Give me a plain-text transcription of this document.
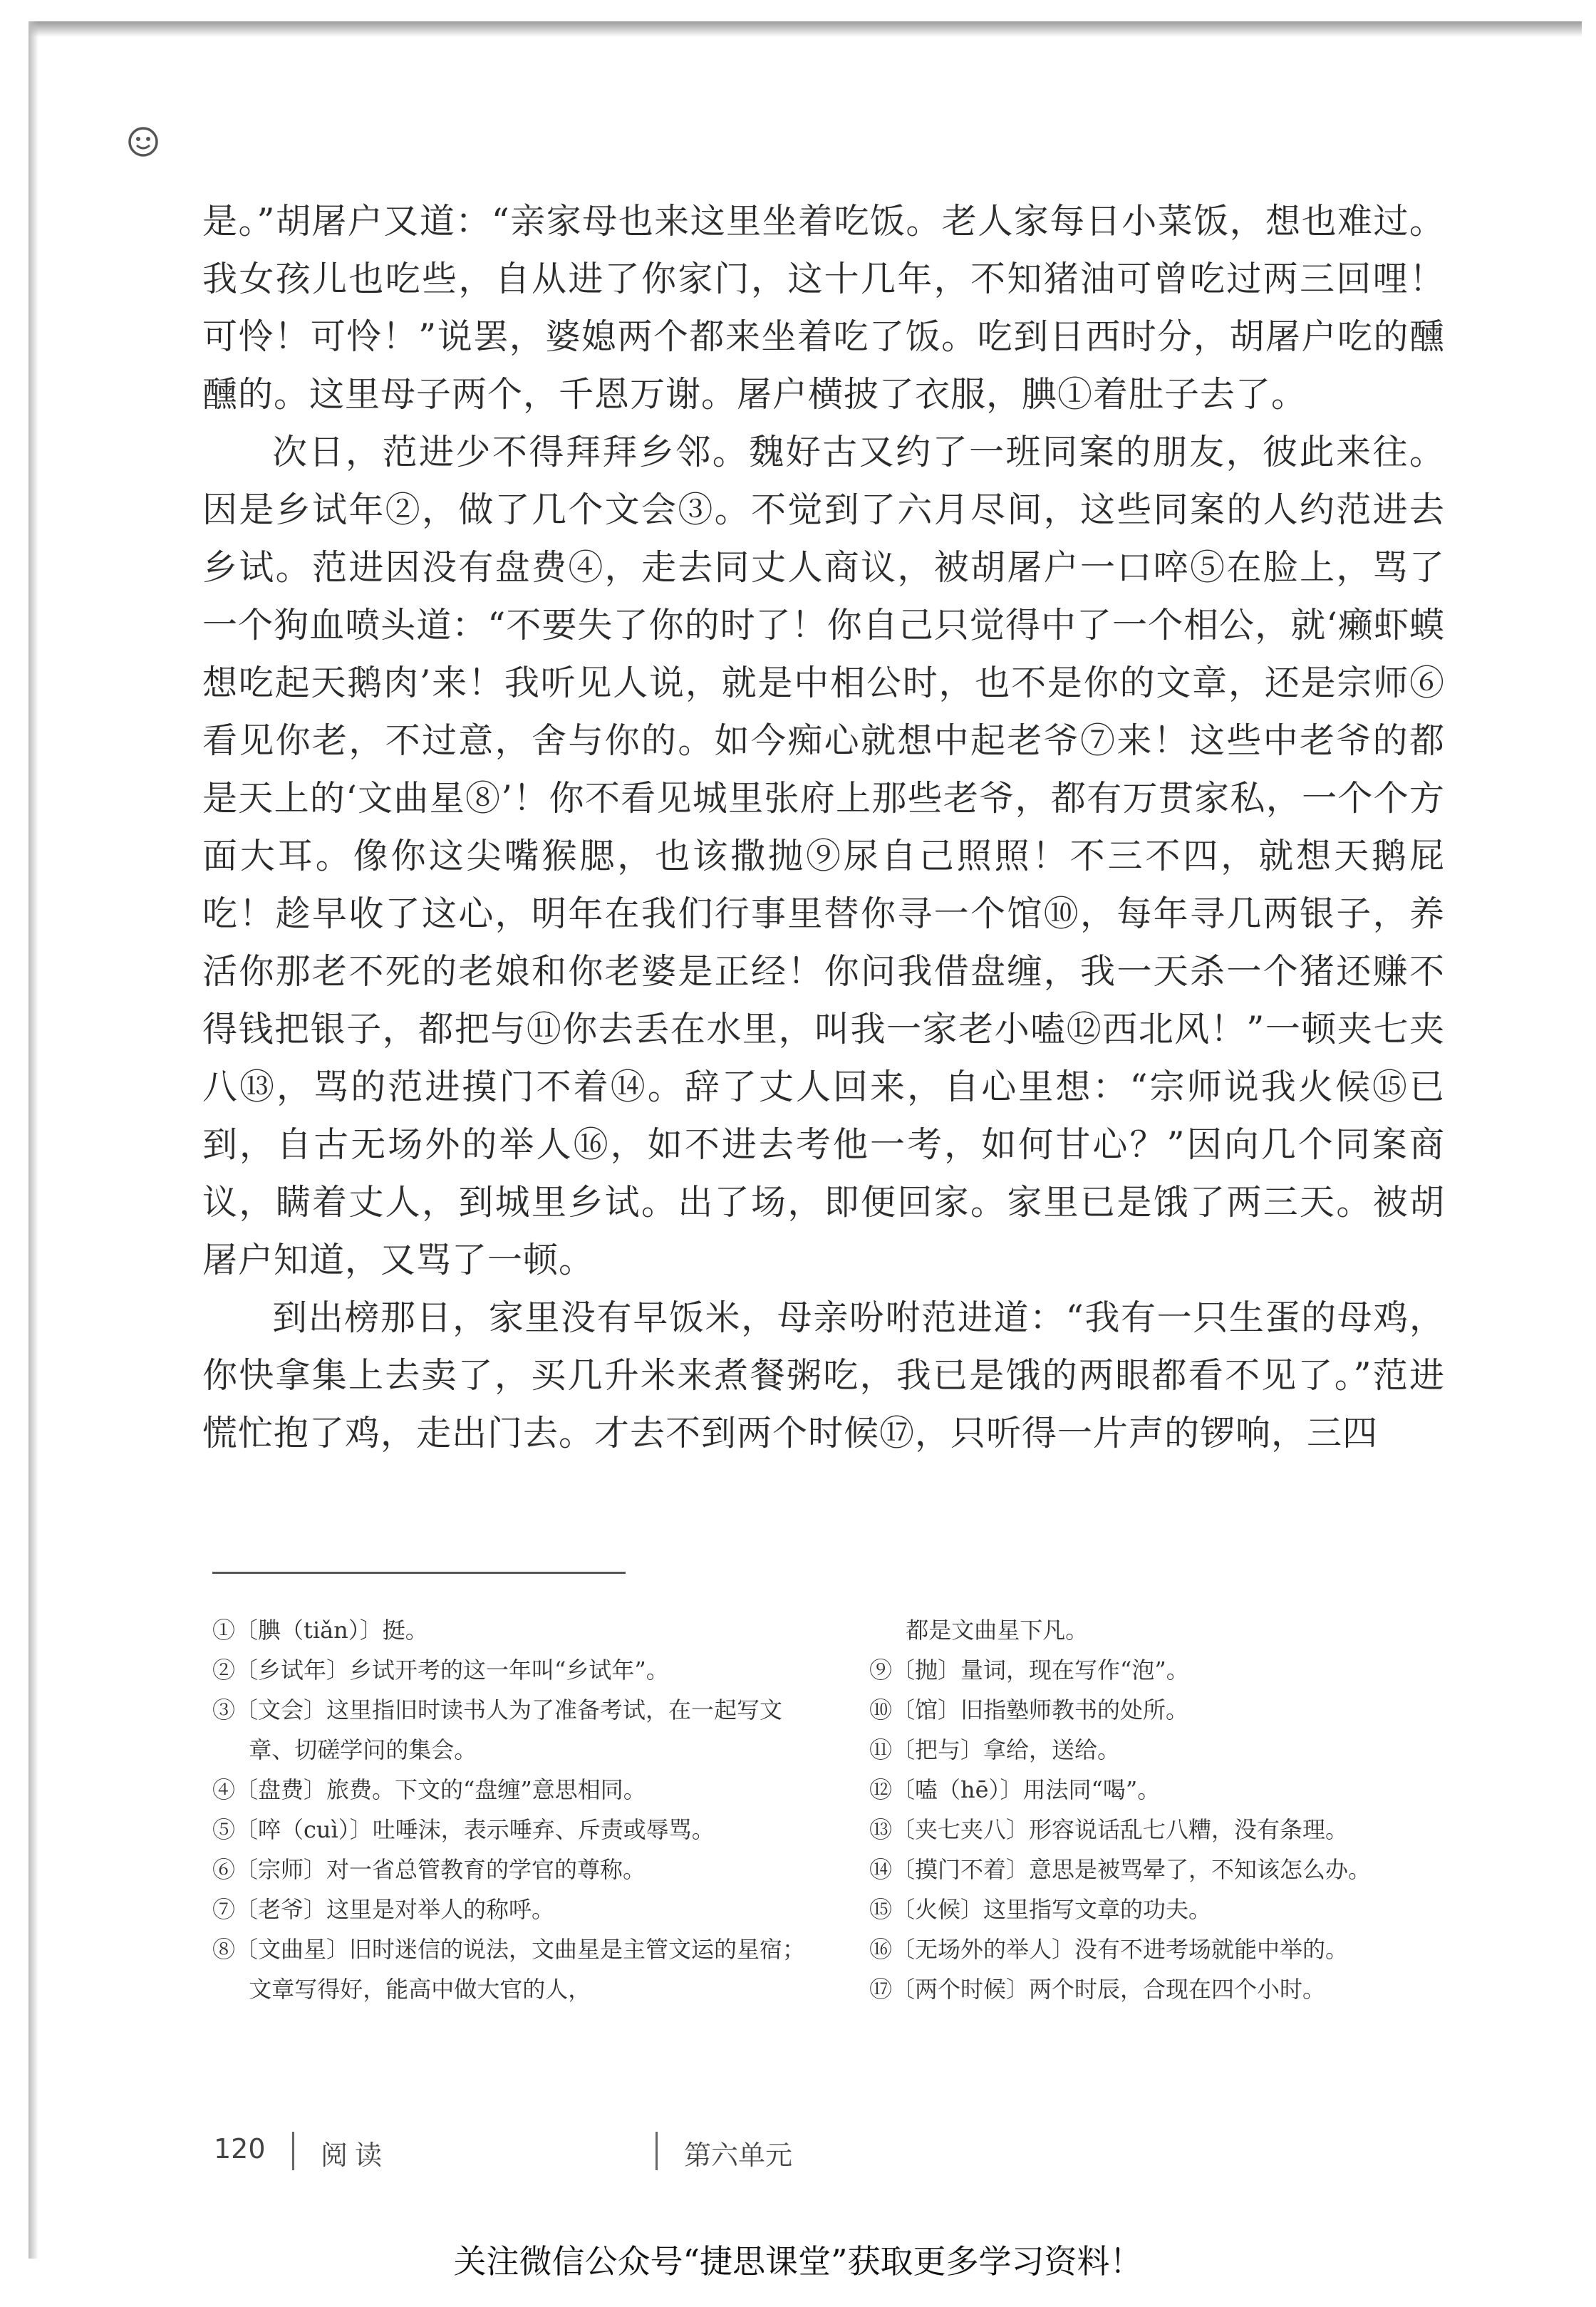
是。”胡屠户又道：“亲家母也来这里坐着吃饭。老人家每日小菜饭，想也难过。我女孩儿也吃些，自从进了你家门，这十几年，不知猪油可曾吃过两三回哩！可怜！可怜！”说罢，婆媳两个都来坐着吃了饭。吃到日西时分，胡屠户吃的醺醺的。这里母子两个，千恩万谢。屠户横披了衣服，腆①着肚子去了。

次日，范进少不得拜拜乡邻。魏好古又约了一班同案的朋友，彼此来往。因是乡试年②，做了几个文会③。不觉到了六月尽间，这些同案的人约范进去乡试。范进因没有盘费④，走去同丈人商议，被胡屠户一口啐⑤在脸上，骂了一个狗血喷头道：“不要失了你的时了！你自己只觉得中了一个相公，就‘癞虾蟆想吃起天鹅肉’来！我听见人说，就是中相公时，也不是你的文章，还是宗师⑥看见你老，不过意，舍与你的。如今痴心就想中起老爷⑦来！这些中老爷的都是天上的‘文曲星⑧’！你不看见城里张府上那些老爷，都有万贯家私，一个个方面大耳。像你这尖嘴猴腮，也该撒抛⑨尿自己照照！不三不四，就想天鹅屁吃！趁早收了这心，明年在我们行事里替你寻一个馆⑩，每年寻几两银子，养活你那老不死的老娘和你老婆是正经！你问我借盘缠，我一天杀一个猪还赚不得钱把银子，都把与⑪你去丢在水里，叫我一家老小嗑⑫西北风！”一顿夹七夹八⑬，骂的范进摸门不着⑭。辞了丈人回来，自心里想：“宗师说我火候⑮已到，自古无场外的举人⑯，如不进去考他一考，如何甘心？”因向几个同案商议，瞒着丈人，到城里乡试。出了场，即便回家。家里已是饿了两三天。被胡屠户知道，又骂了一顿。

到出榜那日，家里没有早饭米，母亲吩咐范进道：“我有一只生蛋的母鸡，你快拿集上去卖了，买几升米来煮餐粥吃，我已是饿的两眼都看不见了。”范进慌忙抱了鸡，走出门去。才去不到两个时候⑰，只听得一片声的锣响，三四

①〔腆（tiǎn）〕挺。

②〔乡试年〕乡试开考的这一年叫“乡试年”。

③〔文会〕这里指旧时读书人为了准备考试，在一起写文章、切磋学问的集会。

④〔盘费〕旅费。下文的“盘缠”意思相同。

⑤〔啐（cuì）〕吐唾沫，表示唾弃、斥责或辱骂。

⑥〔宗师〕对一省总管教育的学官的尊称。

⑦〔老爷〕这里是对举人的称呼。

⑧〔文曲星〕旧时迷信的说法，文曲星是主管文运的星宿；文章写得好，能高中做大官的人，

都是文曲星下凡。

⑨〔抛〕量词，现在写作“泡”。

⑩〔馆〕旧指塾师教书的处所。

⑪〔把与〕拿给，送给。

⑫〔嗑（hē）〕用法同“喝”。

⑬〔夹七夹八〕形容说话乱七八糟，没有条理。

⑭〔摸门不着〕意思是被骂晕了，不知该怎么办。

⑮〔火候〕这里指写文章的功夫。

⑯〔无场外的举人〕没有不进考场就能中举的。

⑰〔两个时候〕两个时辰，合现在四个小时。

120 阅读	第六单元
关注微信公众号“捷思课堂”获取更多学习资料！
